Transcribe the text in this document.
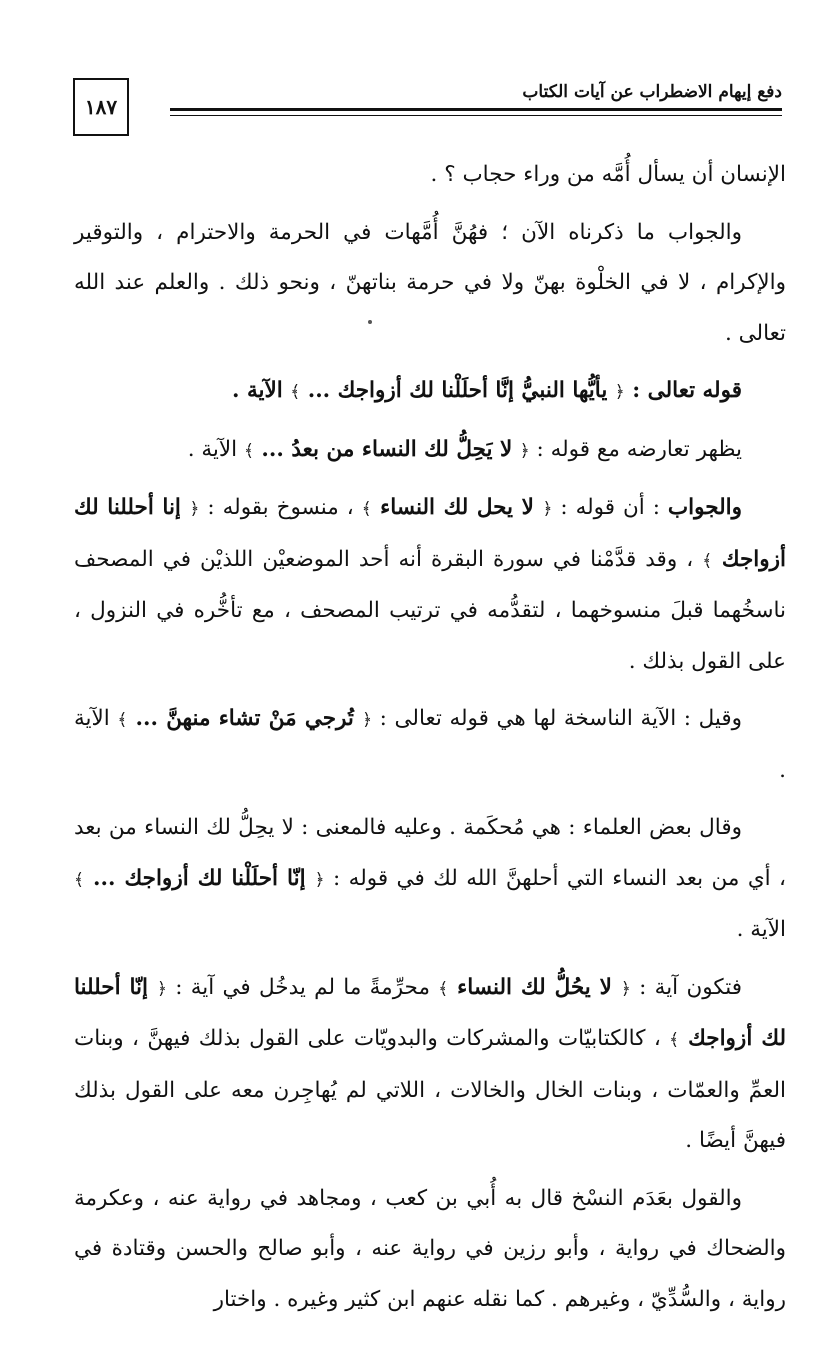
١٨٧
دفع إيهام الاضطراب عن آيات الكتاب

الإنسان أن يسأل أُمَّه من وراء حجاب ؟ .

والجواب ما ذكرناه الآن ؛ فهُنَّ أُمَّهات في الحرمة والاحترام ، والتوقير والإكرام ، لا في الخلْوة بهنّ ولا في حرمة بناتهنّ ، ونحو ذلك . والعلم عند الله تعالى .

قوله تعالى : ﴿ يأيُّها النبيُّ إنَّا أحلَلْنا لك أزواجك ... ﴾ الآية .

يظهر تعارضه مع قوله : ﴿ لا يَحِلُّ لك النساء من بعدُ ... ﴾ الآية .

والجواب : أن قوله : ﴿ لا يحل لك النساء ﴾ ، منسوخ بقوله : ﴿ إنا أحللنا لك أزواجك ﴾ ، وقد قدَّمْنا في سورة البقرة أنه أحد الموضعيْن اللذيْن في المصحف ناسخُهما قبلَ منسوخهما ، لتقدُّمه في ترتيب المصحف ، مع تأخُّره في النزول ، على القول بذلك .

وقيل : الآية الناسخة لها هي قوله تعالى : ﴿ تُرجي مَنْ تشاء منهنَّ ... ﴾ الآية .

وقال بعض العلماء : هي مُحكَمة . وعليه فالمعنى : لا يحِلُّ لك النساء من بعد ، أي من بعد النساء التي أحلهنَّ الله لك في قوله : ﴿ إنّا أحلَلْنا لك أزواجك ... ﴾ الآية .

فتكون آية : ﴿ لا يحُلُّ لك النساء ﴾ محرِّمةً ما لم يدخُل في آية : ﴿ إنّا أحللنا لك أزواجك ﴾ ، كالكتابيّات والمشركات والبدويّات على القول بذلك فيهنَّ ، وبنات العمِّ والعمّات ، وبنات الخال والخالات ، اللاتي لم يُهاجِرن معه على القول بذلك فيهنَّ أيضًا .

والقول بعَدَم النسْخ قال به أُبي بن كعب ، ومجاهد في رواية عنه ، وعكرمة والضحاك في رواية ، وأبو رزين في رواية عنه ، وأبو صالح والحسن وقتادة في رواية ، والسُّدِّيّ ، وغيرهم . كما نقله عنهم ابن كثير وغيره . واختار
